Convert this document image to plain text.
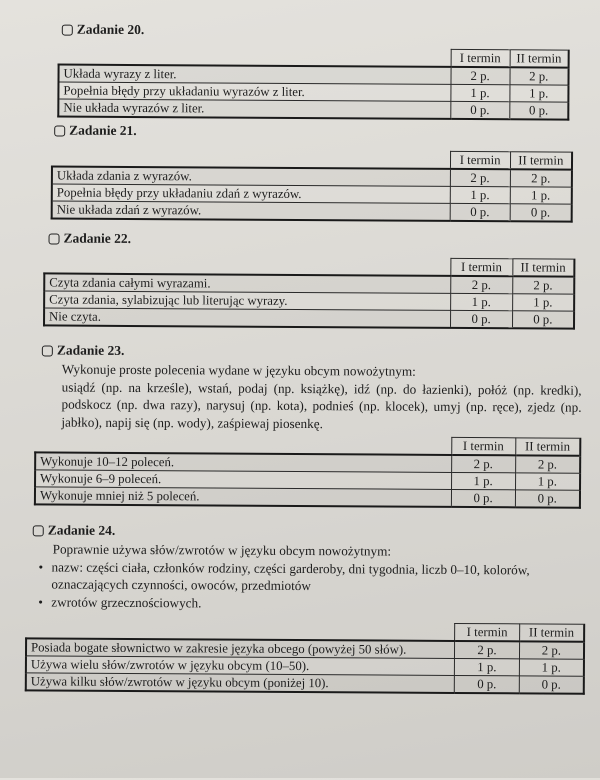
Zadanie 20.
	I termin	II termin
Układa wyrazy z liter.	2 p.	2 p.
Popełnia błędy przy układaniu wyrazów z liter.	1 p.	1 p.
Nie układa wyrazów z liter.	0 p.	0 p.
Zadanie 21.
	I termin	II termin
Układa zdania z wyrazów.	2 p.	2 p.
Popełnia błędy przy układaniu zdań z wyrazów.	1 p.	1 p.
Nie układa zdań z wyrazów.	0 p.	0 p.
Zadanie 22.
	I termin	II termin
Czyta zdania całymi wyrazami.	2 p.	2 p.
Czyta zdania, sylabizując lub literując wyrazy.	1 p.	1 p.
Nie czyta.	0 p.	0 p.
Zadanie 23.
Wykonuje proste polecenia wydane w języku obcym nowożytnym:
usiądź (np. na krześle), wstań, podaj (np. książkę), idź (np. do łazienki), połóż (np. kredki), podskocz (np. dwa razy), narysuj (np. kota), podnieś (np. klocek), umyj (np. ręce), zjedz (np. jabłko), napij się (np. wody), zaśpiewaj piosenkę.
	I termin	II termin
Wykonuje 10–12 poleceń.	2 p.	2 p.
Wykonuje 6–9 poleceń.	1 p.	1 p.
Wykonuje mniej niż 5 poleceń.	0 p.	0 p.
Zadanie 24.
Poprawnie używa słów/zwrotów w języku obcym nowożytnym:
• nazw: części ciała, członków rodziny, części garderoby, dni tygodnia, liczb 0–10, kolorów, oznaczających czynności, owoców, przedmiotów
• zwrotów grzecznościowych.
	I termin	II termin
Posiada bogate słownictwo w zakresie języka obcego (powyżej 50 słów).	2 p.	2 p.
Używa wielu słów/zwrotów w języku obcym (10–50).	1 p.	1 p.
Używa kilku słów/zwrotów w języku obcym (poniżej 10).	0 p.	0 p.
